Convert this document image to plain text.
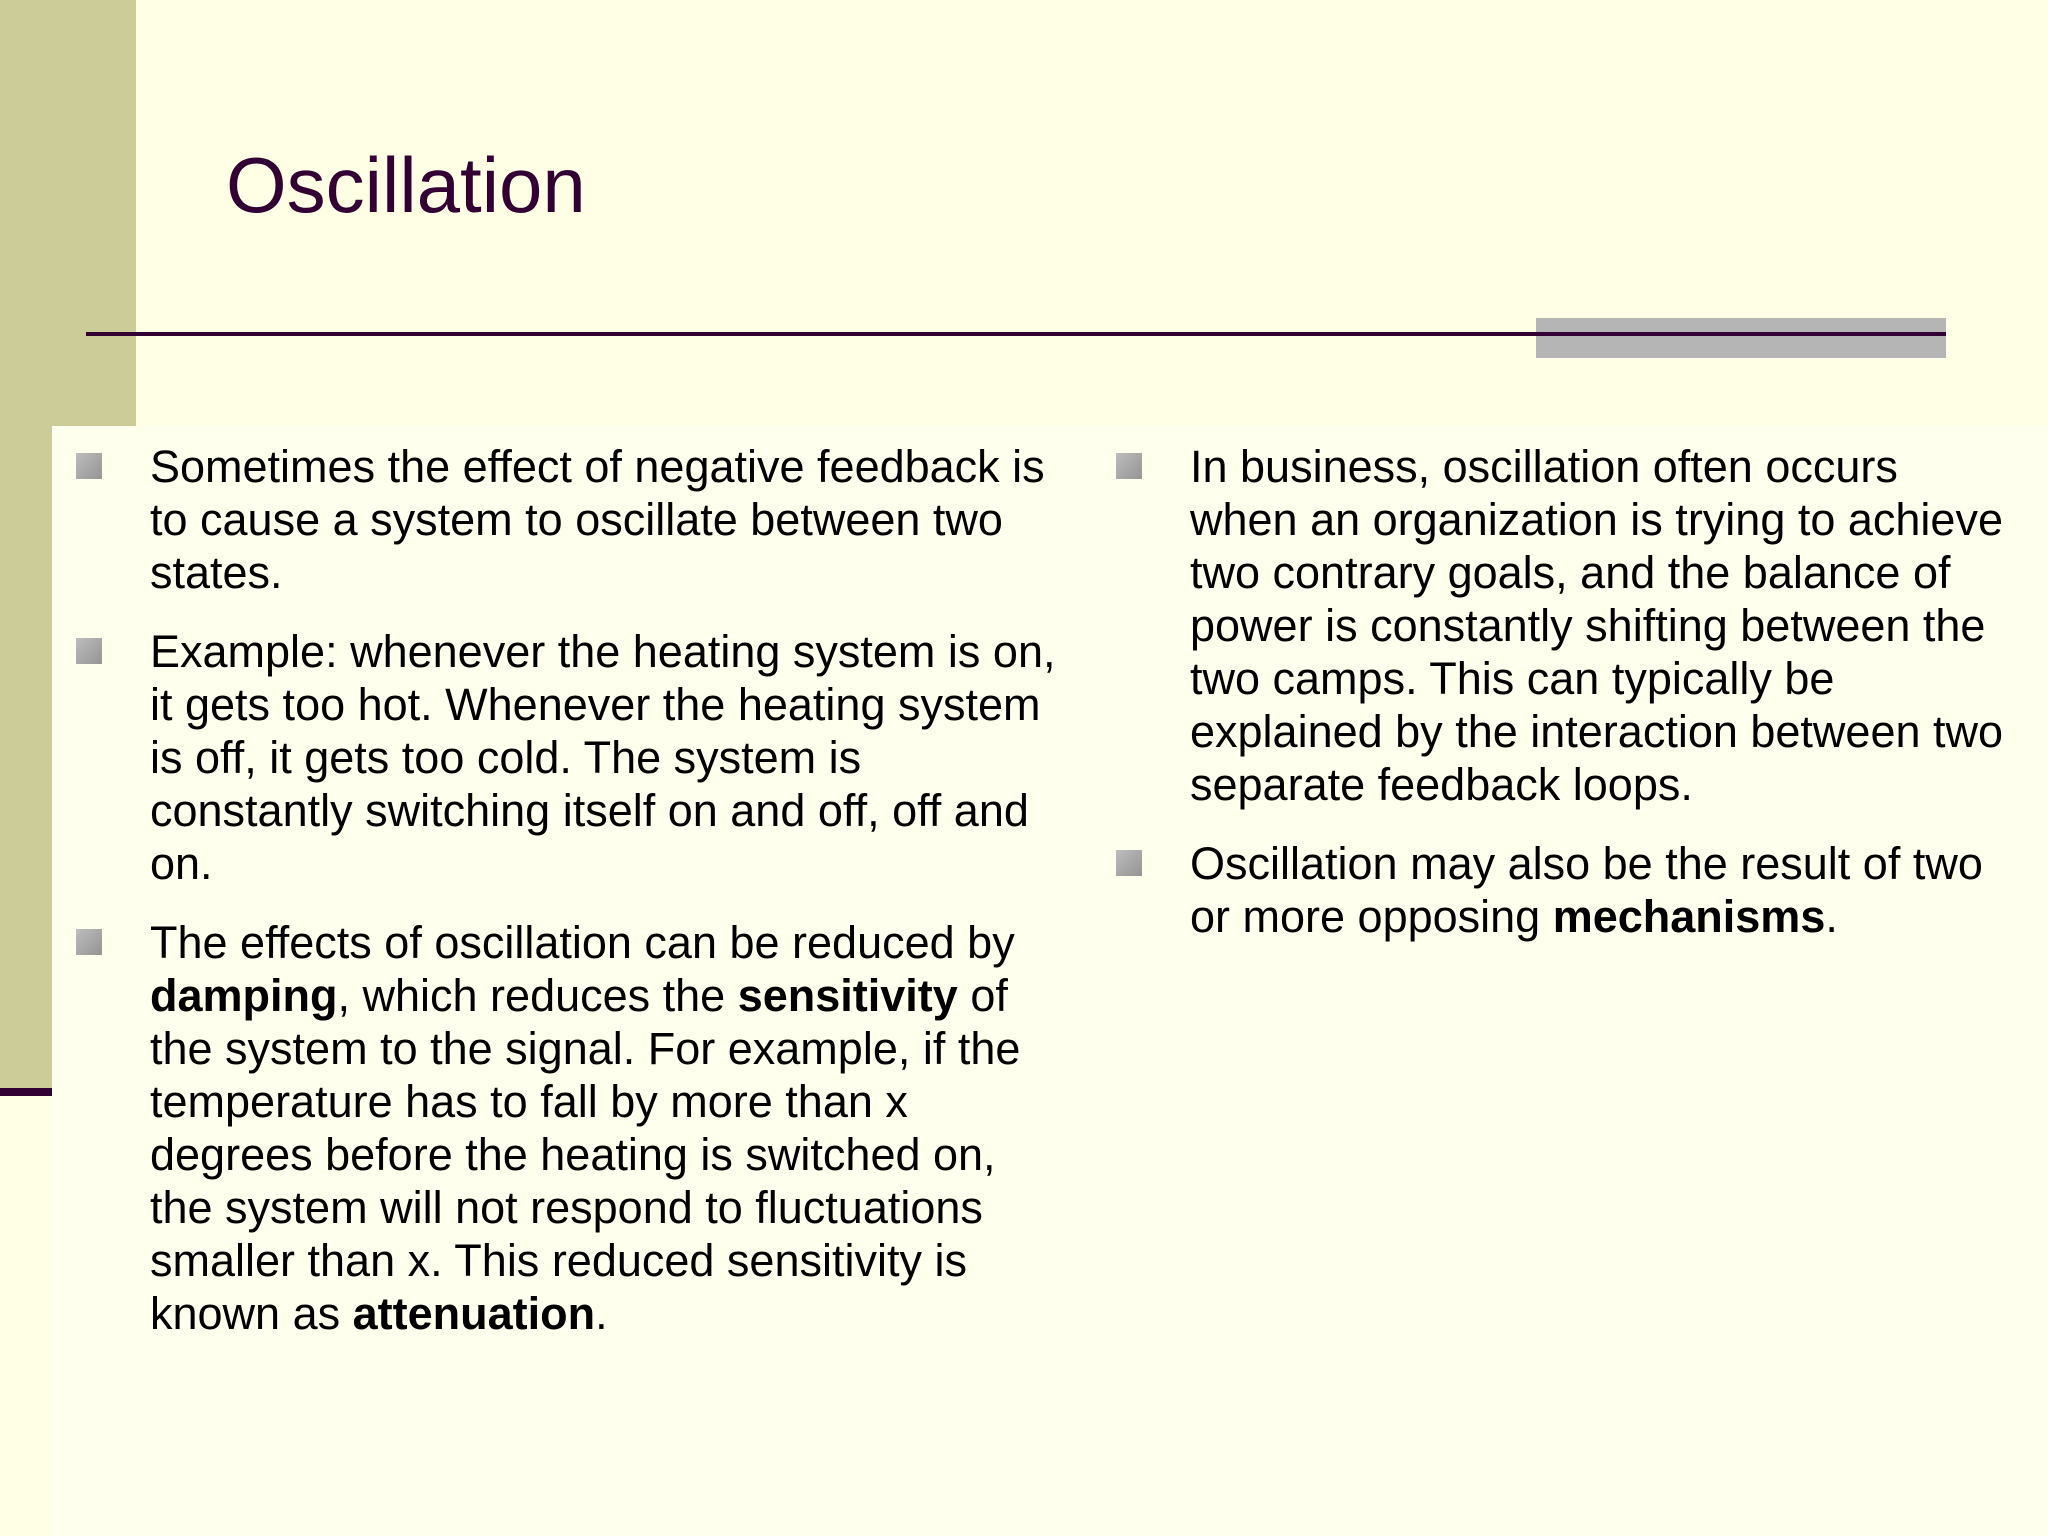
Oscillation
Sometimes the effect of negative feedback is to cause a system to oscillate between two states.
Example: whenever the heating system is on, it gets too hot. Whenever the heating system is off, it gets too cold. The system is constantly switching itself on and off, off and on.
The effects of oscillation can be reduced by damping, which reduces the sensitivity of the system to the signal. For example, if the temperature has to fall by more than x degrees before the heating is switched on, the system will not respond to fluctuations smaller than x. This reduced sensitivity is known as attenuation.
In business, oscillation often occurs when an organization is trying to achieve two contrary goals, and the balance of power is constantly shifting between the two camps. This can typically be explained by the interaction between two separate feedback loops.
Oscillation may also be the result of two or more opposing mechanisms.
